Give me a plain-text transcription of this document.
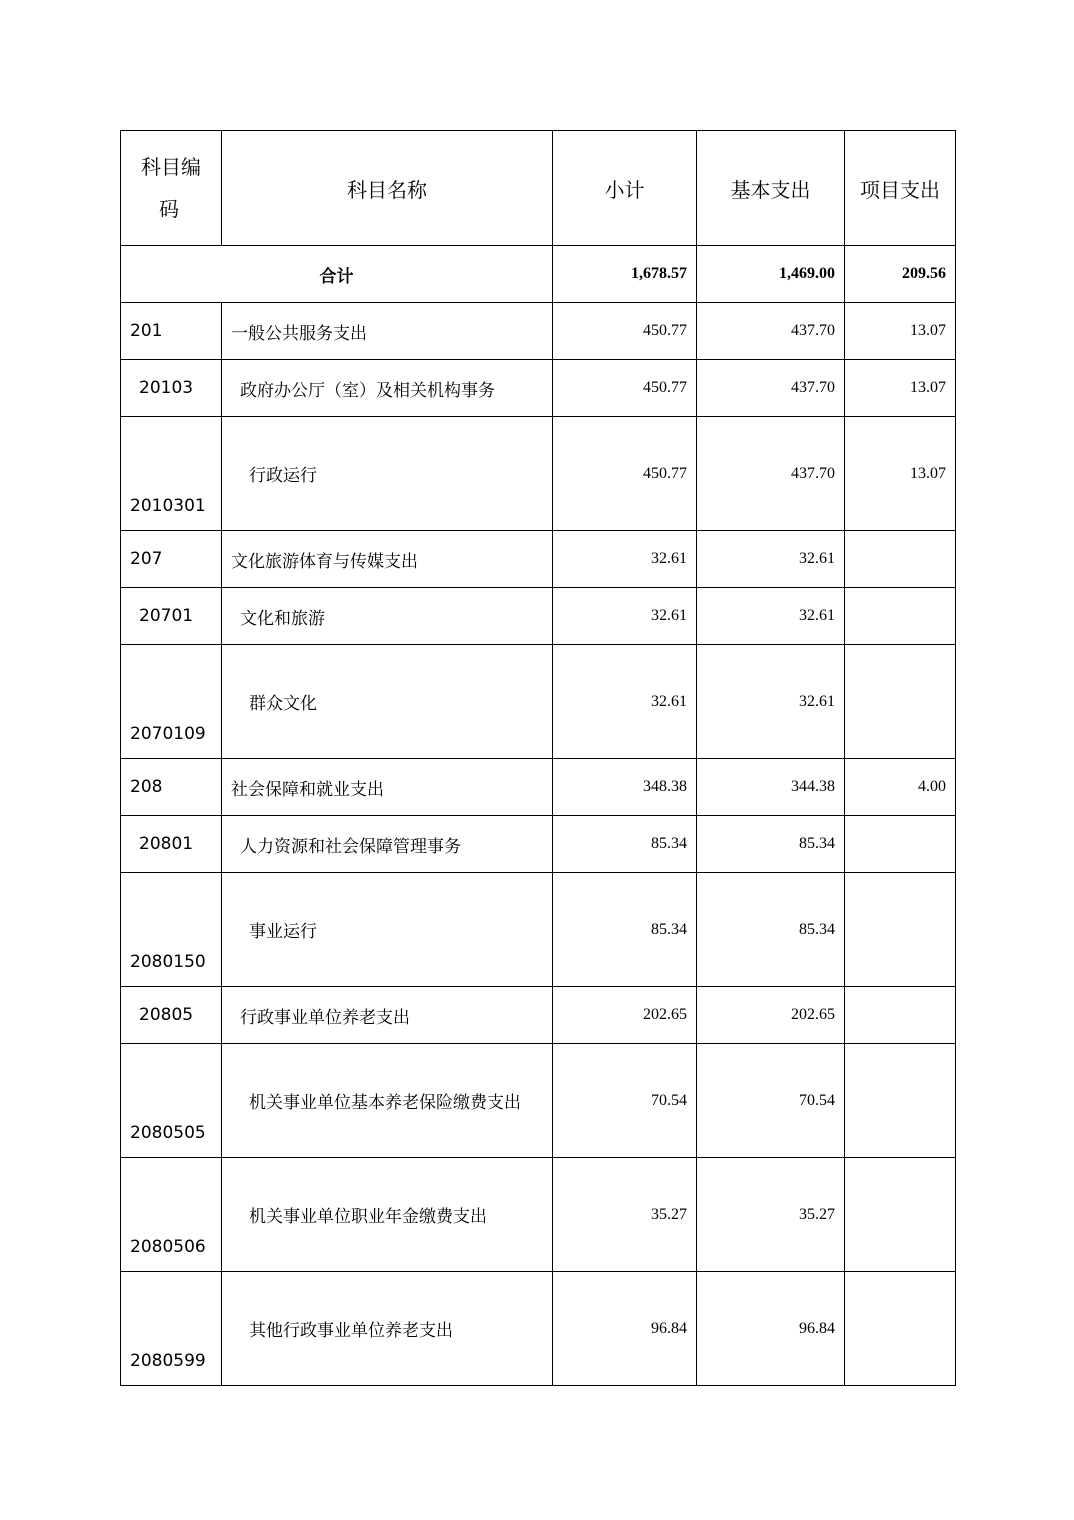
科目编
码	科目名称	小计	基本支出	项目支出
合计		1,678.57	1,469.00	209.56
201	一般公共服务支出	450.77	437.70	13.07
20103	政府办公厅（室）及相关机构事务	450.77	437.70	13.07
2010301	行政运行	450.77	437.70	13.07
207	文化旅游体育与传媒支出	32.61	32.61	
20701	文化和旅游	32.61	32.61	
2070109	群众文化	32.61	32.61	
208	社会保障和就业支出	348.38	344.38	4.00
20801	人力资源和社会保障管理事务	85.34	85.34	
2080150	事业运行	85.34	85.34	
20805	行政事业单位养老支出	202.65	202.65	
2080505	机关事业单位基本养老保险缴费支出	70.54	70.54	
2080506	机关事业单位职业年金缴费支出	35.27	35.27	
2080599	其他行政事业单位养老支出	96.84	96.84	
